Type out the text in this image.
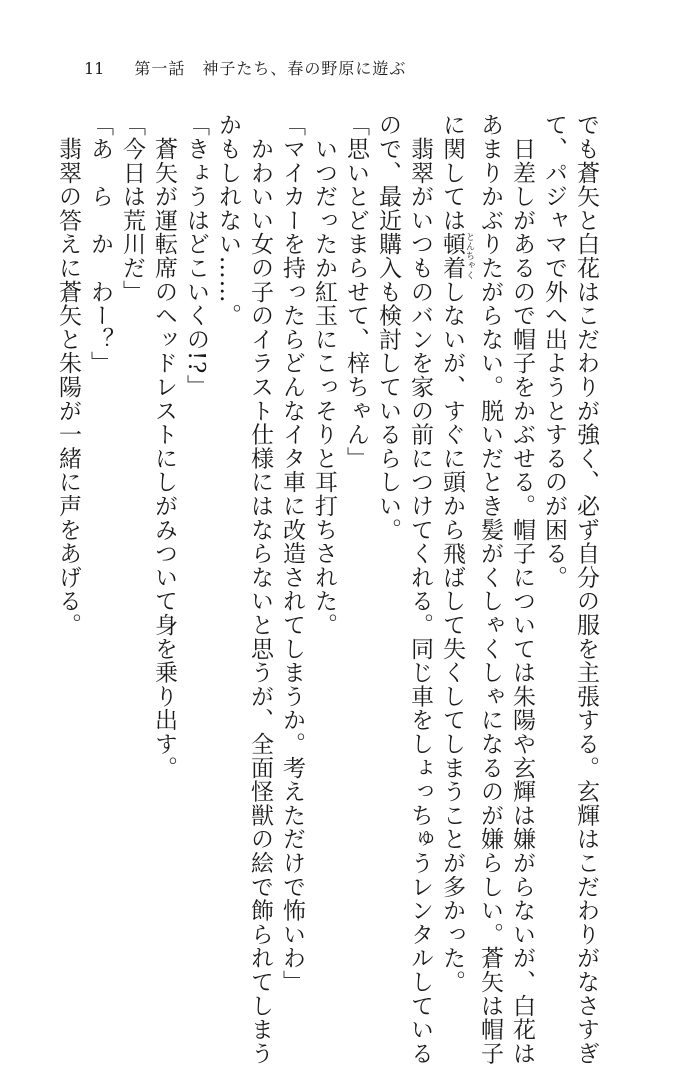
11 第一話　神子たち、春の野原に遊ぶ
でも蒼矢と白花はこだわりが強く、必ず自分の服を主張する。玄輝はこだわりがなさすぎ
て、パジャマで外へ出ようとするのが困る。
　日差しがあるので帽子をかぶせる。帽子については朱陽や玄輝は嫌がらないが、白花は
あまりかぶりたがらない。脱いだとき髪がくしゃくしゃになるのが嫌らしい。蒼矢は帽子
に関しては頓着 とんちゃくしないが、すぐに頭から飛ばして失くしてしまうことが多かった。
　翡翠がいつものバンを家の前につけてくれる。同じ車をしょっちゅうレンタルしている
ので、最近購入も検討しているらしい。
「思いとどまらせて、梓ちゃん」
　いつだったか紅玉にこっそりと耳打ちされた。
「マイカーを持ったらどんなイタ車に改造されてしまうか。考えただけで怖いわ」
　かわいい女の子のイラスト仕様にはならないと思うが、全面怪獣の絵で飾られてしまう
かもしれない……。
「きょうはどこいくの!?」
　蒼矢が運転席のヘッドレストにしがみついて身を乗り出す。
「今日は荒川だ」
「あ　ら　か　わー？」
　翡翠の答えに蒼矢と朱陽が一緒に声をあげる。
